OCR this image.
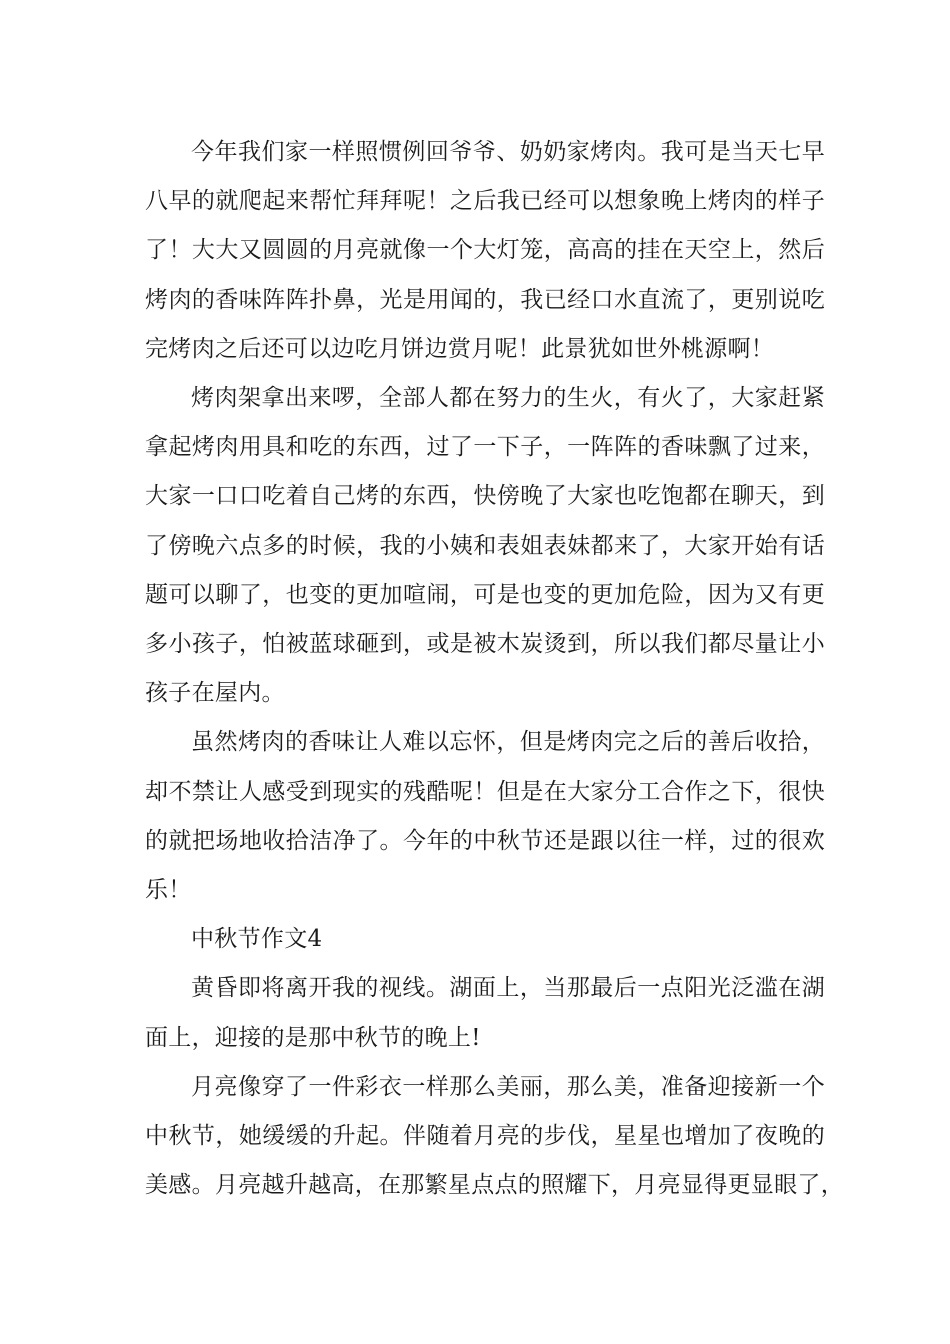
今年我们家一样照惯例回爷爷、奶奶家烤肉。我可是当天七早
八早的就爬起来帮忙拜拜呢！之后我已经可以想象晚上烤肉的样子
了！大大又圆圆的月亮就像一个大灯笼，高高的挂在天空上，然后
烤肉的香味阵阵扑鼻，光是用闻的，我已经口水直流了，更别说吃
完烤肉之后还可以边吃月饼边赏月呢！此景犹如世外桃源啊！
烤肉架拿出来啰，全部人都在努力的生火，有火了，大家赶紧
拿起烤肉用具和吃的东西，过了一下子，一阵阵的香味飘了过来，
大家一口口吃着自己烤的东西，快傍晚了大家也吃饱都在聊天，到
了傍晚六点多的时候，我的小姨和表姐表妹都来了，大家开始有话
题可以聊了，也变的更加喧闹，可是也变的更加危险，因为又有更
多小孩子，怕被蓝球砸到，或是被木炭烫到，所以我们都尽量让小
孩子在屋内。
虽然烤肉的香味让人难以忘怀，但是烤肉完之后的善后收拾，
却不禁让人感受到现实的残酷呢！但是在大家分工合作之下，很快
的就把场地收拾洁净了。今年的中秋节还是跟以往一样，过的很欢
乐！
中秋节作文4
黄昏即将离开我的视线。湖面上，当那最后一点阳光泛滥在湖
面上，迎接的是那中秋节的晚上!
月亮像穿了一件彩衣一样那么美丽，那么美，准备迎接新一个
中秋节，她缓缓的升起。伴随着月亮的步伐，星星也增加了夜晚的
美感。月亮越升越高，在那繁星点点的照耀下，月亮显得更显眼了，
